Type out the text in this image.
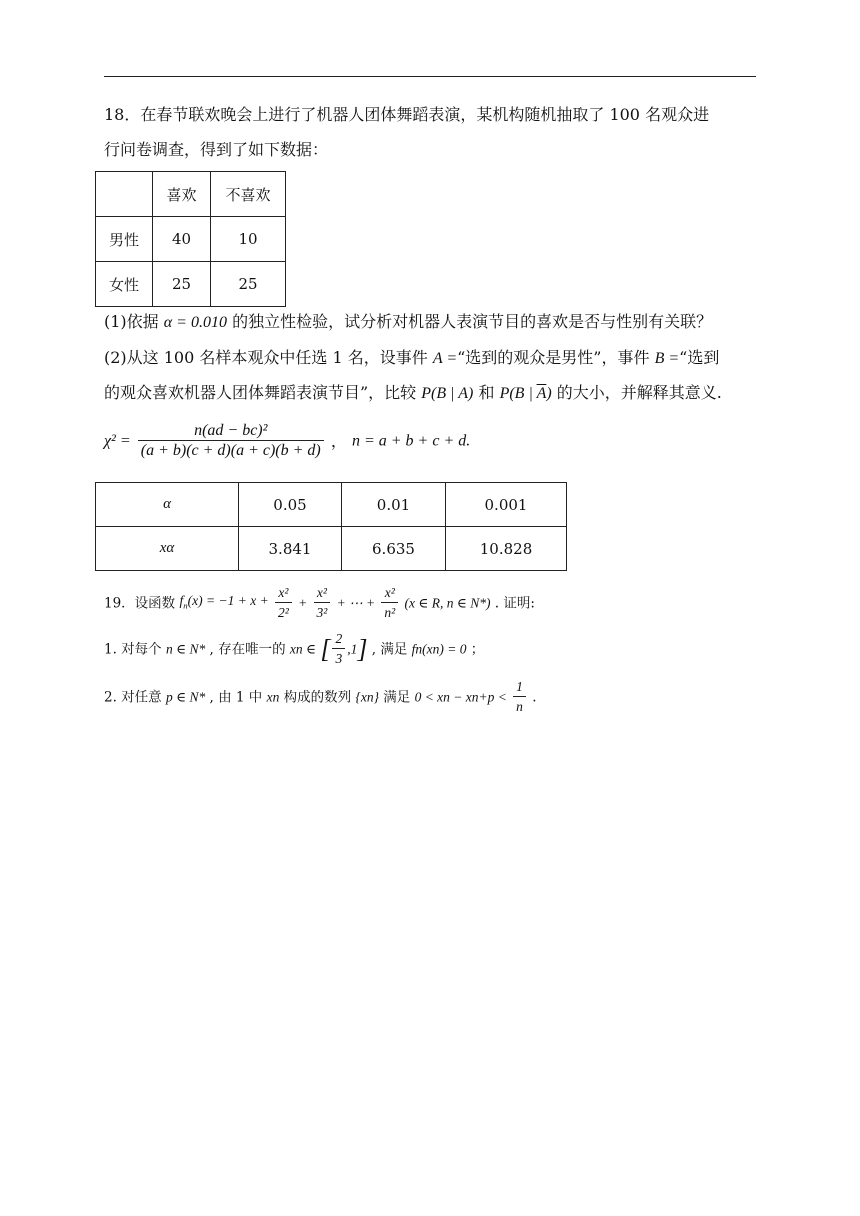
18．在春节联欢晚会上进行了机器人团体舞蹈表演，某机构随机抽取了 100 名观众进
行问卷调查，得到了如下数据：
	喜欢	不喜欢
男性	40	10
女性	25	25
(1)依据 α = 0.010 的独立性检验，试分析对机器人表演节目的喜欢是否与性别有关联？
(2)从这 100 名样本观众中任选 1 名，设事件 A =“选到的观众是男性”，事件 B =“选到
的观众喜欢机器人团体舞蹈表演节目”，比较 P(B | A) 和 P(B | $\overline{A}$) 的大小，并解释其意义.
$\chi^2 = \frac{\text{n(ad − bc)²}}{(a + b)(c + d)(a + c)(b + d)}$ ， n = a + b + c + d.
α	0.05	0.01	0.001
xα	3.841	6.635	10.828
19．设函数 $f_n(x) = -1 + x + \frac{\text{x²}}{\text{2²}} + \frac{\text{x²}}{\text{3²}}$ + ⋯ + $\frac{\text{x²}}{\text{n²}} (x$ ∈ R, n ∈ N*) . 证明:
1. 对每个 n ∈ N* , 存在唯一的 xn ∈ [ $\frac{2}{3} ,1$] , 满足 fn(xn) = 0 ；
2. 对任意 p ∈ N* , 由 1 中 xn 构成的数列 {xn} 满足 0 < xn − $xn+p < \frac{1}{n}$ .
